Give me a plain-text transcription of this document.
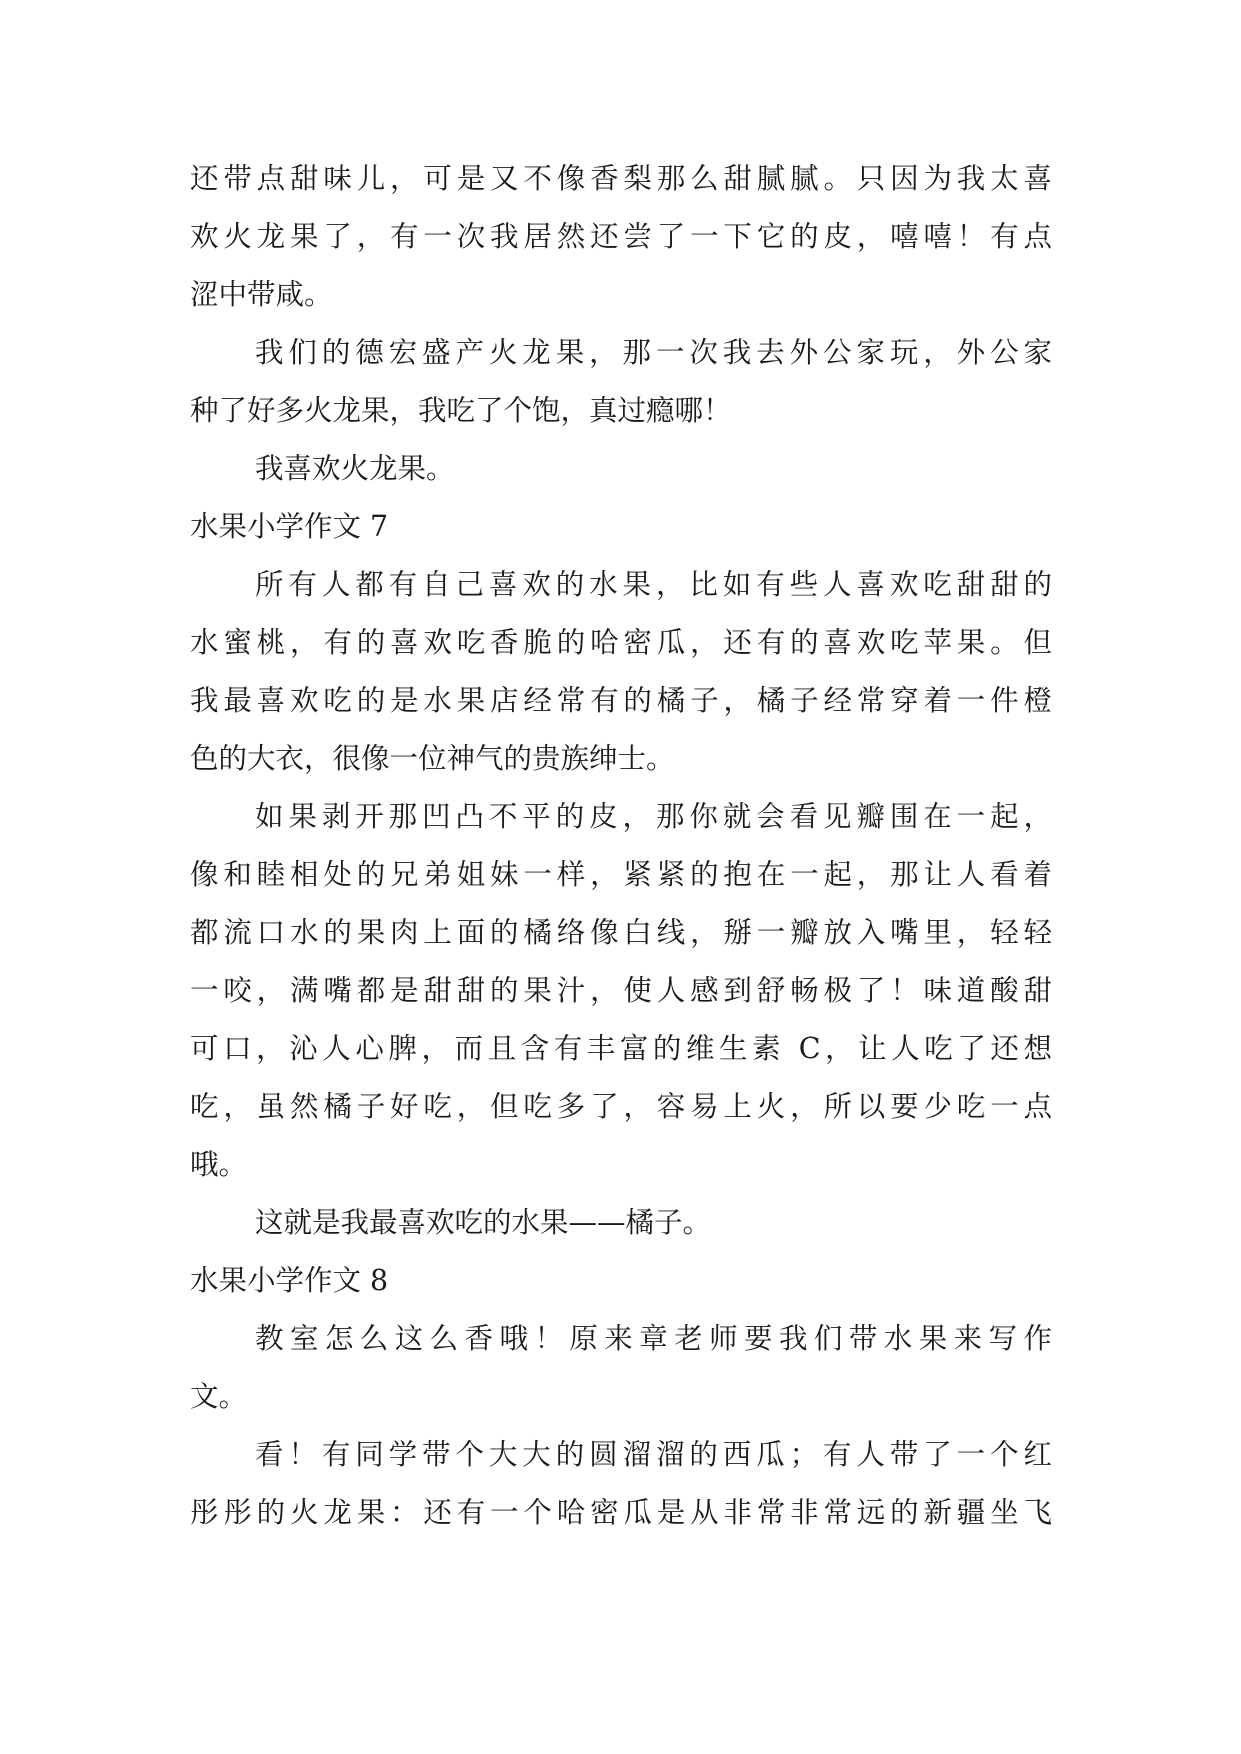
还带点甜味儿，可是又不像香梨那么甜腻腻。只因为我太喜
欢火龙果了，有一次我居然还尝了一下它的皮，嘻嘻！有点
涩中带咸。
我们的德宏盛产火龙果，那一次我去外公家玩，外公家
种了好多火龙果，我吃了个饱，真过瘾哪！
我喜欢火龙果。
水果小学作文 7
所有人都有自己喜欢的水果，比如有些人喜欢吃甜甜的
水蜜桃，有的喜欢吃香脆的哈密瓜，还有的喜欢吃苹果。但
我最喜欢吃的是水果店经常有的橘子，橘子经常穿着一件橙
色的大衣，很像一位神气的贵族绅士。
如果剥开那凹凸不平的皮，那你就会看见瓣围在一起，
像和睦相处的兄弟姐妹一样，紧紧的抱在一起，那让人看着
都流口水的果肉上面的橘络像白线，掰一瓣放入嘴里，轻轻
一咬，满嘴都是甜甜的果汁，使人感到舒畅极了！味道酸甜
可口，沁人心脾，而且含有丰富的维生素 C，让人吃了还想
吃，虽然橘子好吃，但吃多了，容易上火，所以要少吃一点
哦。
这就是我最喜欢吃的水果——橘子。
水果小学作文 8
教室怎么这么香哦！原来章老师要我们带水果来写作
文。
看！有同学带个大大的圆溜溜的西瓜；有人带了一个红
彤彤的火龙果：还有一个哈密瓜是从非常非常远的新疆坐飞
